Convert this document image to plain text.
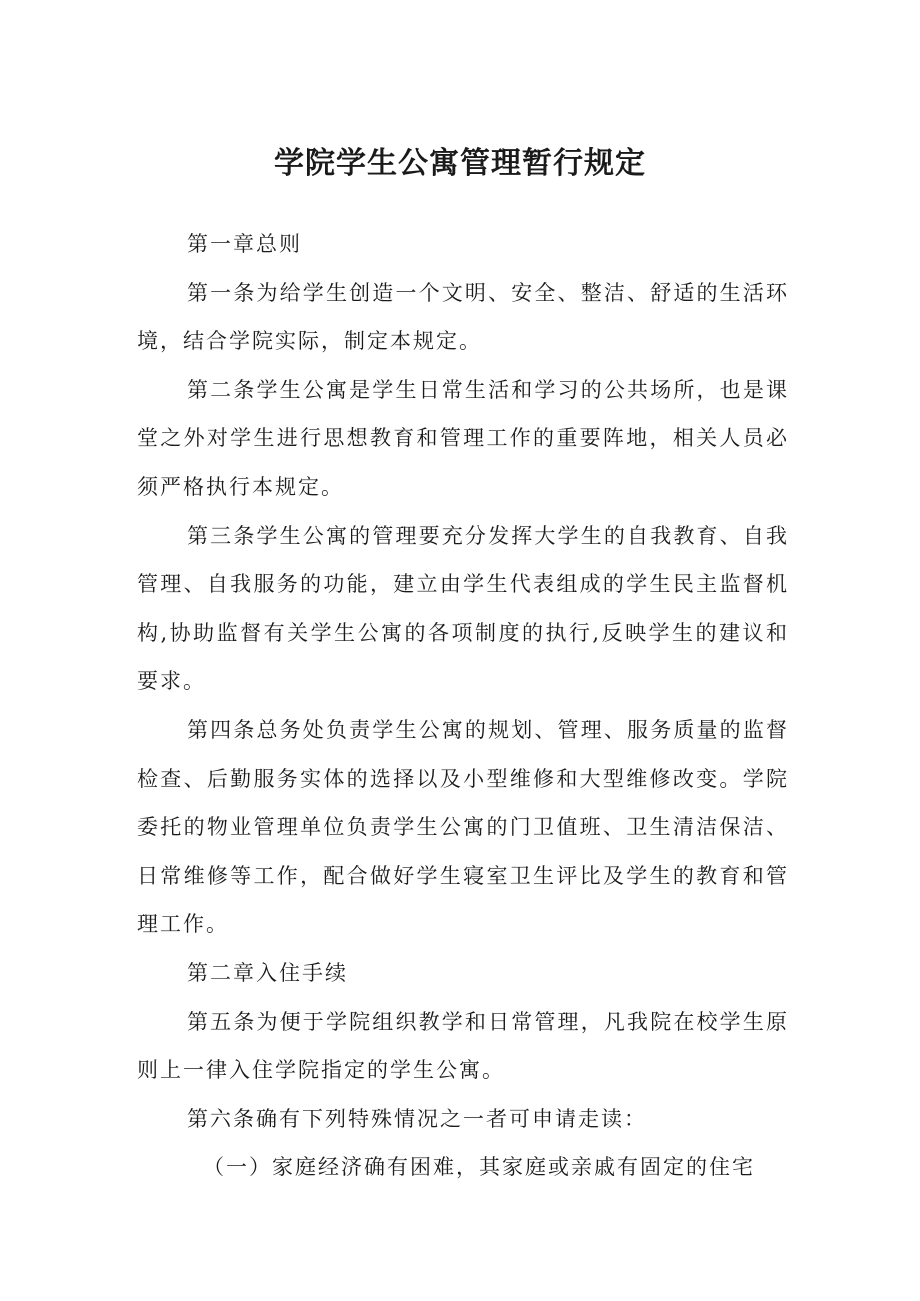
学院学生公寓管理暂行规定

第一章总则

第一条为给学生创造一个文明、安全、整洁、舒适的生活环境，结合学院实际，制定本规定。

第二条学生公寓是学生日常生活和学习的公共场所，也是课堂之外对学生进行思想教育和管理工作的重要阵地，相关人员必须严格执行本规定。

第三条学生公寓的管理要充分发挥大学生的自我教育、自我管理、自我服务的功能，建立由学生代表组成的学生民主监督机构,协助监督有关学生公寓的各项制度的执行,反映学生的建议和要求。

第四条总务处负责学生公寓的规划、管理、服务质量的监督检查、后勤服务实体的选择以及小型维修和大型维修改变。学院委托的物业管理单位负责学生公寓的门卫值班、卫生清洁保洁、日常维修等工作，配合做好学生寝室卫生评比及学生的教育和管理工作。

第二章入住手续

第五条为便于学院组织教学和日常管理，凡我院在校学生原则上一律入住学院指定的学生公寓。

第六条确有下列特殊情况之一者可申请走读：

（一）家庭经济确有困难，其家庭或亲戚有固定的住宅
